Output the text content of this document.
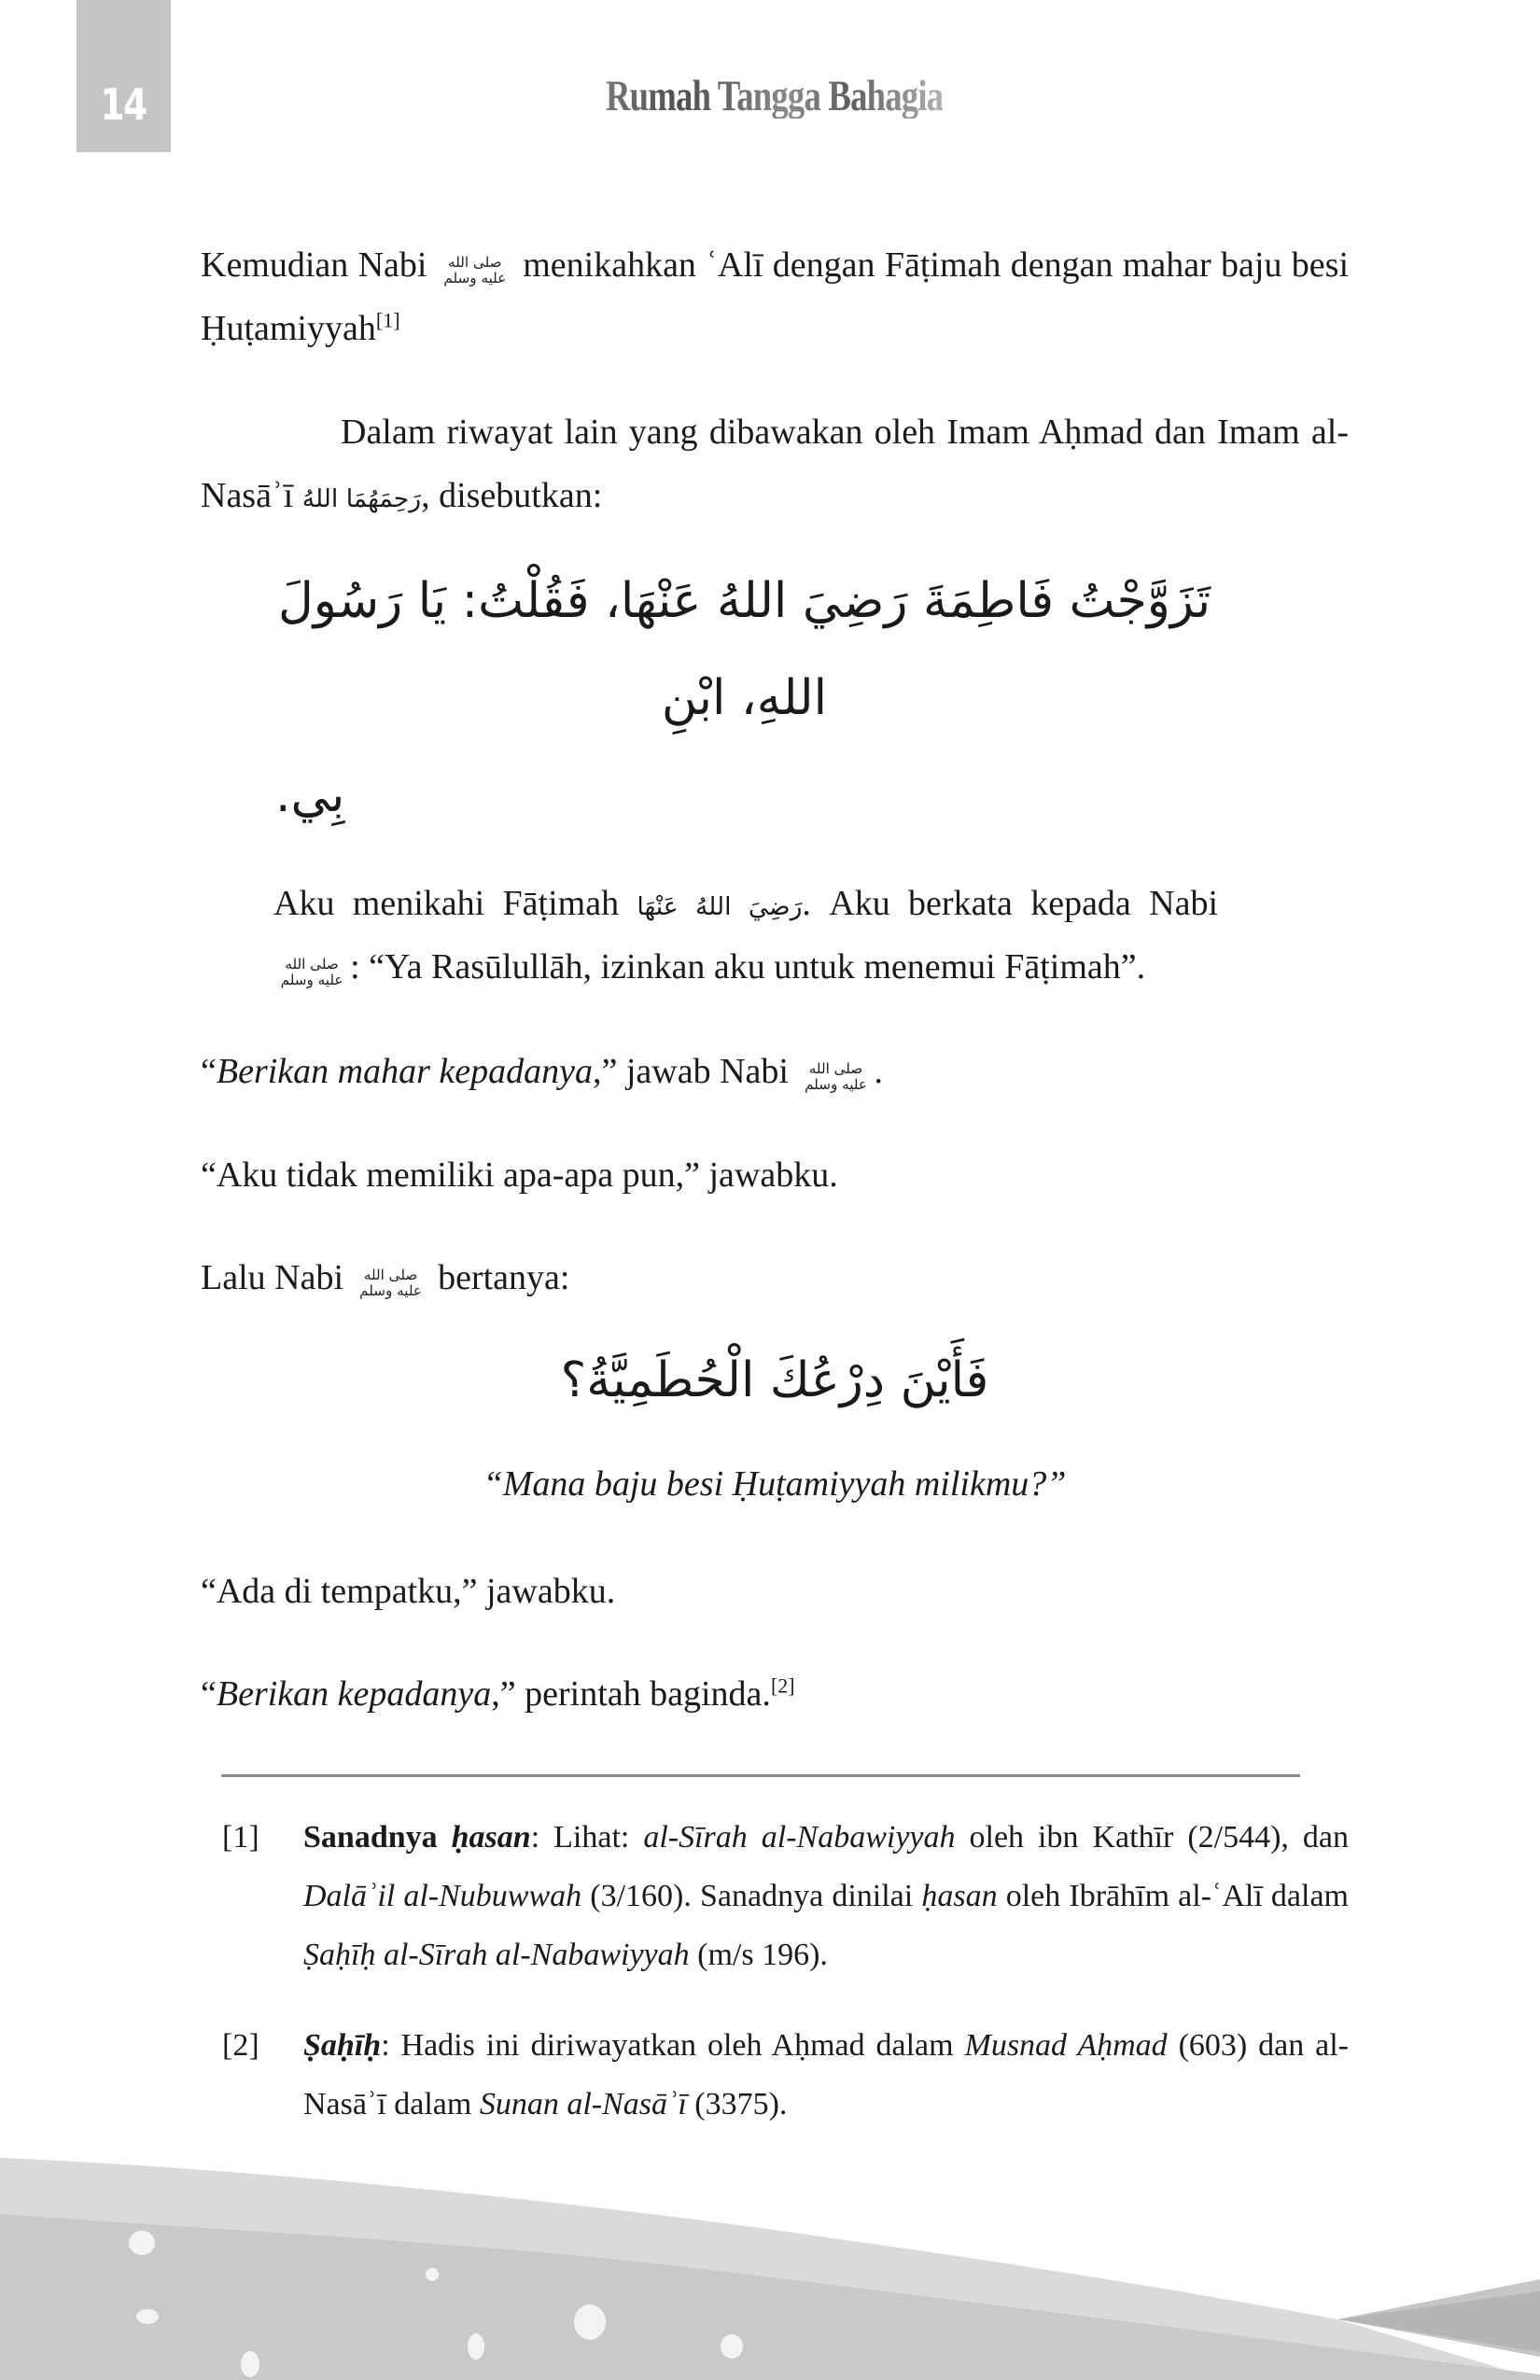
14	Rumah Tangga Bahagia

Kemudian Nabi صلى الله عليه وسلم menikahkan ʿAlī dengan Fāṭimah dengan mahar baju besi Ḥuṭamiyyah[1]

Dalam riwayat lain yang dibawakan oleh Imam Aḥmad dan Imam al-Nasāʾī رَحِمَهُمَا اللهُ, disebutkan:

تَزَوَّجْتُ فَاطِمَةَ رَضِيَ اللهُ عَنْهَا، فَقُلْتُ: يَا رَسُولَ اللهِ، ابْنِ
بِي.

Aku menikahi Fāṭimah رَضِيَ اللهُ عَنْهَا. Aku berkata kepada Nabi صلى الله عليه وسلم : “Ya Rasūlullāh, izinkan aku untuk menemui Fāṭimah”.

“Berikan mahar kepadanya,” jawab Nabi صلى الله عليه وسلم .

“Aku tidak memiliki apa-apa pun,” jawabku.

Lalu Nabi صلى الله عليه وسلم bertanya:

فَأَيْنَ دِرْعُكَ الْحُطَمِيَّةُ؟

“Mana baju besi Ḥuṭamiyyah milikmu?”

“Ada di tempatku,” jawabku.

“Berikan kepadanya,” perintah baginda.[2]

[1]	Sanadnya ḥasan: Lihat: al-Sīrah al-Nabawiyyah oleh ibn Kathīr (2/544), dan Dalāʾil al-Nubuwwah (3/160). Sanadnya dinilai ḥasan oleh Ibrāhīm al-ʿAlī dalam Ṣaḥīḥ al-Sīrah al-Nabawiyyah (m/s 196).
[2]	Ṣaḥīḥ: Hadis ini diriwayatkan oleh Aḥmad dalam Musnad Aḥmad (603) dan al-Nasāʾī dalam Sunan al-Nasāʾī (3375).
